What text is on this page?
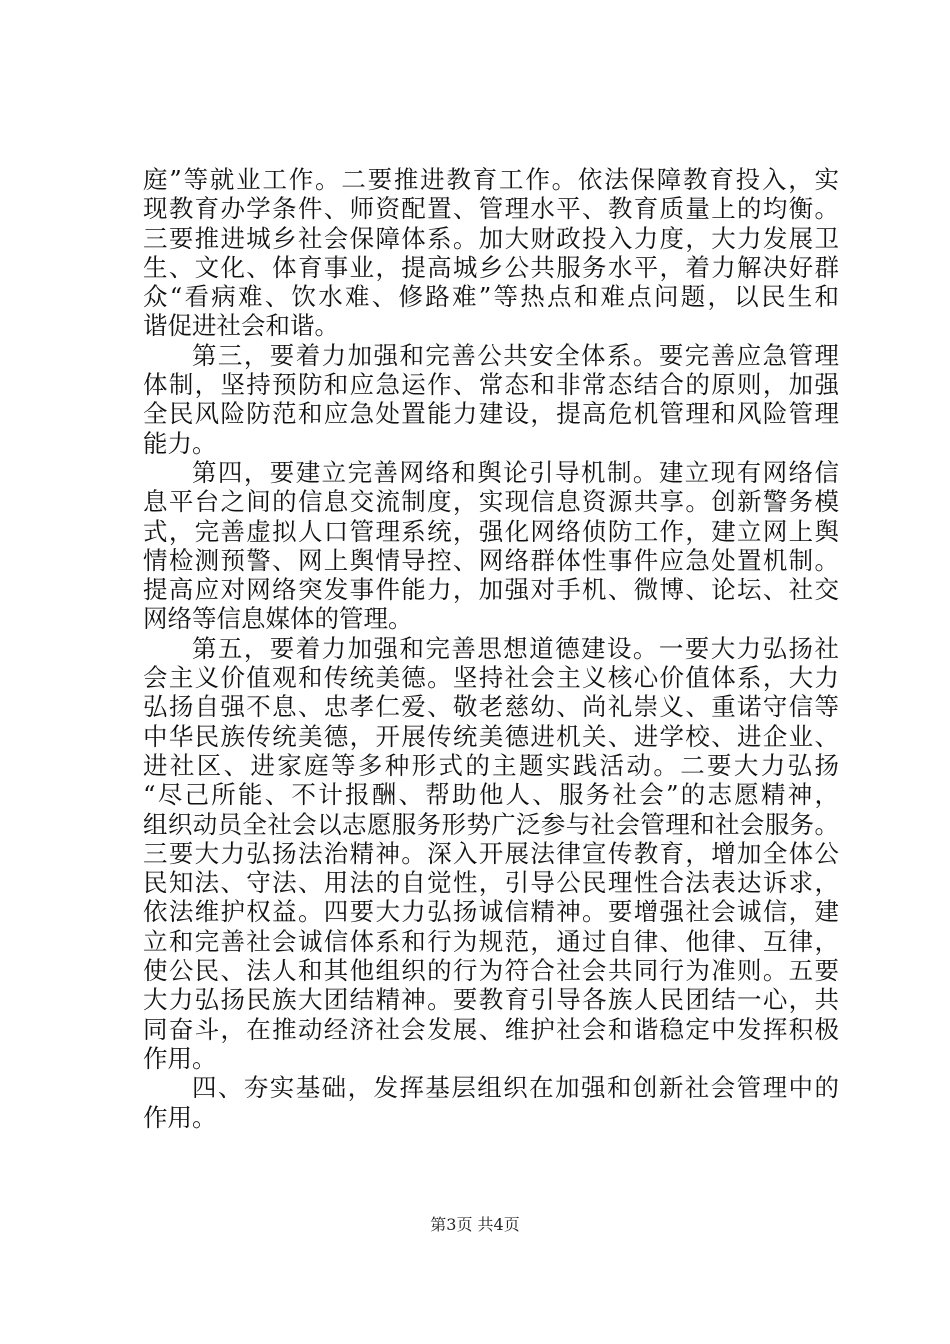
庭”等就业工作。二要推进教育工作。依法保障教育投入，实
现教育办学条件、师资配置、管理水平、教育质量上的均衡。
三要推进城乡社会保障体系。加大财政投入力度，大力发展卫
生、文化、体育事业，提高城乡公共服务水平，着力解决好群
众“看病难、饮水难、修路难”等热点和难点问题，以民生和
谐促进社会和谐。
第三，要着力加强和完善公共安全体系。要完善应急管理
体制，坚持预防和应急运作、常态和非常态结合的原则，加强
全民风险防范和应急处置能力建设，提高危机管理和风险管理
能力。
第四，要建立完善网络和舆论引导机制。建立现有网络信
息平台之间的信息交流制度，实现信息资源共享。创新警务模
式，完善虚拟人口管理系统，强化网络侦防工作，建立网上舆
情检测预警、网上舆情导控、网络群体性事件应急处置机制。
提高应对网络突发事件能力，加强对手机、微博、论坛、社交
网络等信息媒体的管理。
第五，要着力加强和完善思想道德建设。一要大力弘扬社
会主义价值观和传统美德。坚持社会主义核心价值体系，大力
弘扬自强不息、忠孝仁爱、敬老慈幼、尚礼崇义、重诺守信等
中华民族传统美德，开展传统美德进机关、进学校、进企业、
进社区、进家庭等多种形式的主题实践活动。二要大力弘扬
“尽己所能、不计报酬、帮助他人、服务社会”的志愿精神，
组织动员全社会以志愿服务形势广泛参与社会管理和社会服务。
三要大力弘扬法治精神。深入开展法律宣传教育，增加全体公
民知法、守法、用法的自觉性，引导公民理性合法表达诉求，
依法维护权益。四要大力弘扬诚信精神。要增强社会诚信，建
立和完善社会诚信体系和行为规范，通过自律、他律、互律，
使公民、法人和其他组织的行为符合社会共同行为准则。五要
大力弘扬民族大团结精神。要教育引导各族人民团结一心，共
同奋斗，在推动经济社会发展、维护社会和谐稳定中发挥积极
作用。
四、夯实基础，发挥基层组织在加强和创新社会管理中的
作用。
第3页 共4页
